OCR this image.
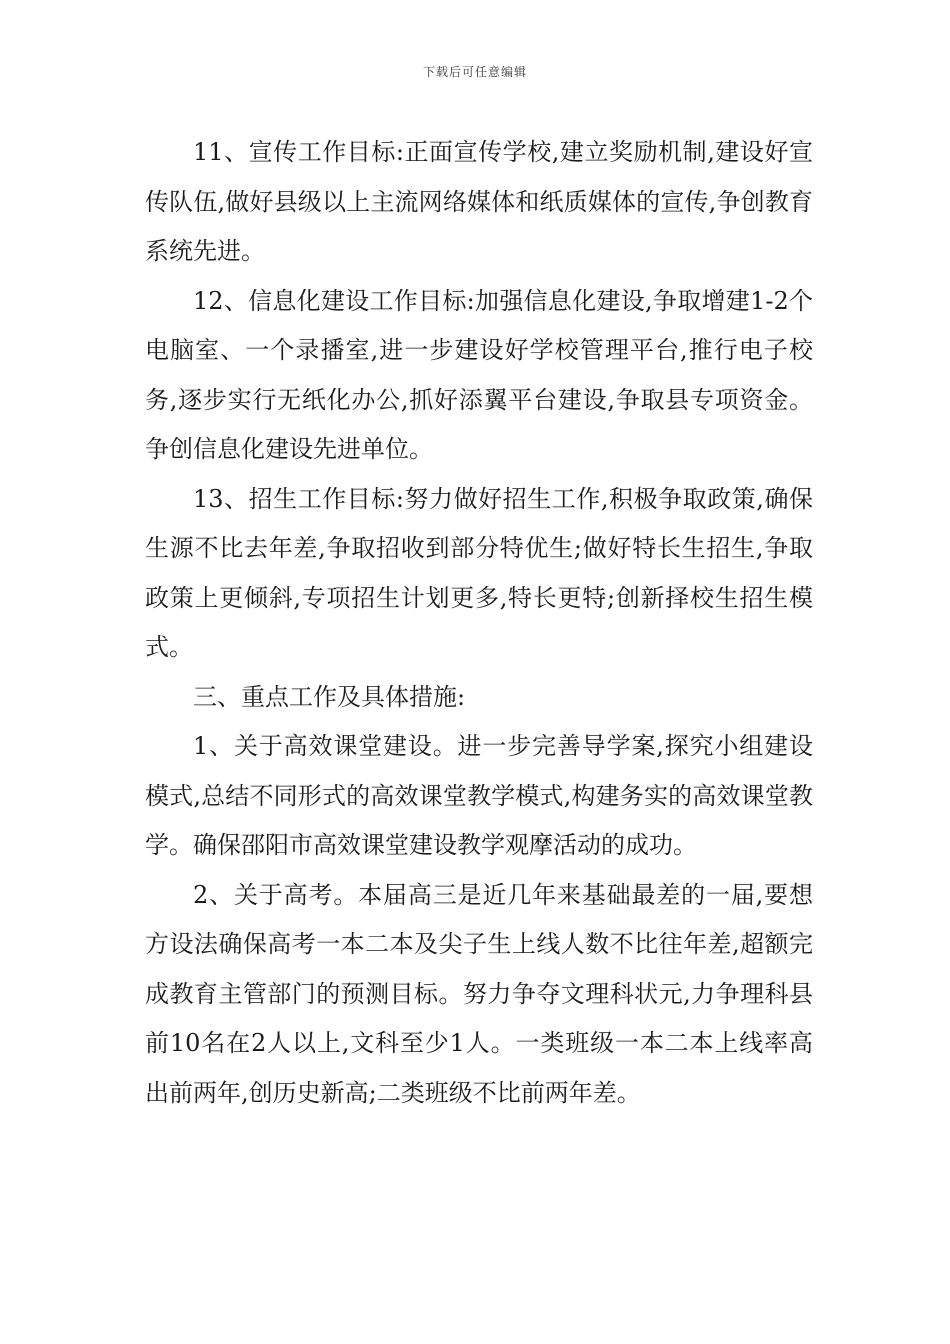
下载后可任意编辑

11、宣传工作目标:正面宣传学校,建立奖励机制,建设好宣传队伍,做好县级以上主流网络媒体和纸质媒体的宣传,争创教育系统先进。

12、信息化建设工作目标:加强信息化建设,争取增建1-2个电脑室、一个录播室,进一步建设好学校管理平台,推行电子校务,逐步实行无纸化办公,抓好添翼平台建设,争取县专项资金。争创信息化建设先进单位。

13、招生工作目标:努力做好招生工作,积极争取政策,确保生源不比去年差,争取招收到部分特优生;做好特长生招生,争取政策上更倾斜,专项招生计划更多,特长更特;创新择校生招生模式。

三、重点工作及具体措施:

1、关于高效课堂建设。进一步完善导学案,探究小组建设模式,总结不同形式的高效课堂教学模式,构建务实的高效课堂教学。确保邵阳市高效课堂建设教学观摩活动的成功。

2、关于高考。本届高三是近几年来基础最差的一届,要想方设法确保高考一本二本及尖子生上线人数不比往年差,超额完成教育主管部门的预测目标。努力争夺文理科状元,力争理科县前10名在2人以上,文科至少1人。一类班级一本二本上线率高出前两年,创历史新高;二类班级不比前两年差。
